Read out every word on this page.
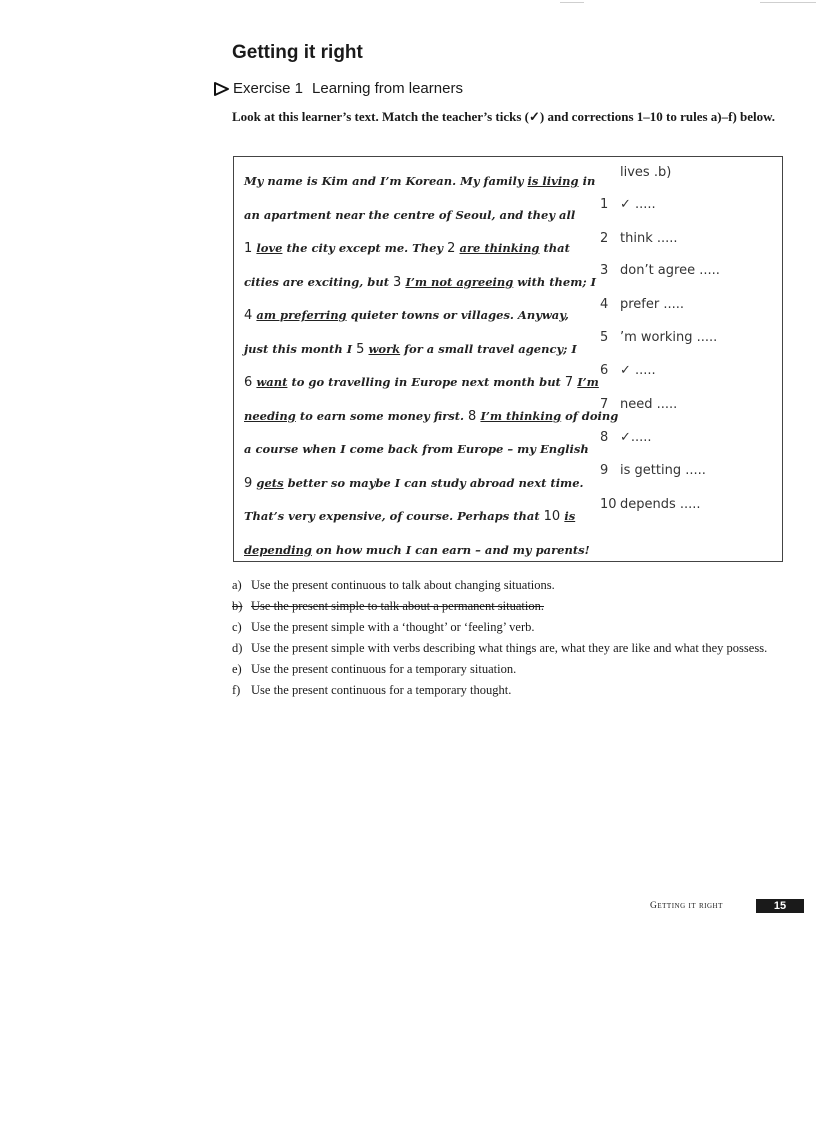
Getting it right
Exercise 1 Learning from learners

Look at this learner’s text. Match the teacher’s ticks (✓) and corrections 1–10 to rules a)–f) below.

My name is Kim and I’m Korean. My family is living in
an apartment near the centre of Seoul, and they all
1 love the city except me. They 2 are thinking that
cities are exciting, but 3 I’m not agreeing with them; I
4 am preferring quieter towns or villages. Anyway,
just this month I 5 work for a small travel agency; I
6 want to go travelling in Europe next month but 7 I’m
needing to earn some money first. 8 I’m thinking of doing
a course when I come back from Europe – my English
9 gets better so maybe I can study abroad next time.
That’s very expensive, of course. Perhaps that 10 is
depending on how much I can earn – and my parents!
lives .b)
1 ✓ .....
2 think .....
3 don’t agree .....
4 prefer .....
5 ’m working .....
6 ✓ .....
7 need .....
8 ✓.....
9 is getting .....
10 depends .....
a) Use the present continuous to talk about changing situations.
b) Use the present simple to talk about a permanent situation.
c) Use the present simple with a ‘thought’ or ‘feeling’ verb.
d) Use the present simple with verbs describing what things are, what they are like and what they possess.
e) Use the present continuous for a temporary situation.
f) Use the present continuous for a temporary thought.

Getting it right	15
